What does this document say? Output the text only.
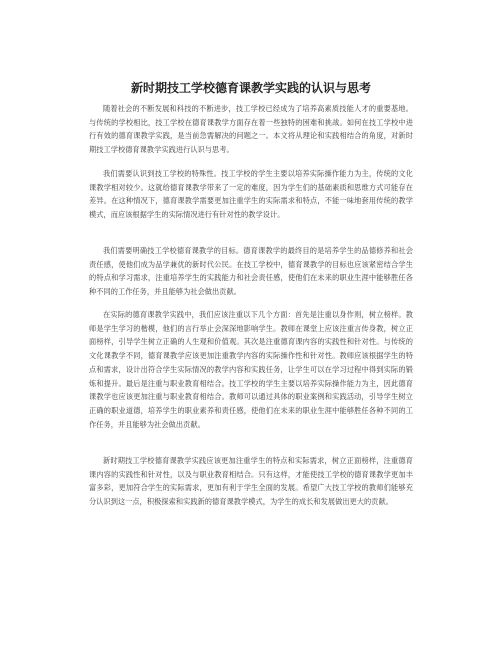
新时期技工学校德育课教学实践的认识与思考

随着社会的不断发展和科技的不断进步，技工学校已经成为了培养高素质技能人才的重要基地。与传统的学校相比，技工学校在德育课教学方面存在着一些独特的困难和挑战。如何在技工学校中进行有效的德育课教学实践，是当前急需解决的问题之一。本文将从理论和实践相结合的角度，对新时期技工学校德育课教学实践进行认识与思考。

我们需要认识到技工学校的特殊性。技工学校的学生主要以培养实际操作能力为主，传统的文化课教学相对较少。这就给德育课教学带来了一定的难度，因为学生们的基础素质和思维方式可能存在差异。在这种情况下，德育课教学需要更加注重学生的实际需求和特点，不能一味地套用传统的教学模式，而应该根据学生的实际情况进行有针对性的教学设计。

我们需要明确技工学校德育课教学的目标。德育课教学的最终目的是培养学生的品德修养和社会责任感，使他们成为品学兼优的新时代公民。在技工学校中，德育课教学的目标也应该紧密结合学生的特点和学习需求，注重培养学生的实践能力和社会责任感，使他们在未来的职业生涯中能够胜任各种不同的工作任务，并且能够为社会做出贡献。

在实际的德育课教学实践中，我们应该注重以下几个方面：首先是注重以身作则，树立榜样。教师是学生学习的楷模，他们的言行举止会深深地影响学生。教师在课堂上应该注重言传身教，树立正面榜样，引导学生树立正确的人生观和价值观。其次是注重德育课内容的实践性和针对性。与传统的文化课教学不同，德育课教学应该更加注重教学内容的实际操作性和针对性。教师应该根据学生的特点和需求，设计出符合学生实际情况的教学内容和实践任务，让学生可以在学习过程中得到实际的锻炼和提升。最后是注重与职业教育相结合。技工学校的学生主要以培养实际操作能力为主，因此德育课教学也应该更加注重与职业教育相结合。教师可以通过具体的职业案例和实践活动，引导学生树立正确的职业道德，培养学生的职业素养和责任感，使他们在未来的职业生涯中能够胜任各种不同的工作任务，并且能够为社会做出贡献。

新时期技工学校德育课教学实践应该更加注重学生的特点和实际需求，树立正面榜样，注重德育课内容的实践性和针对性，以及与职业教育相结合。只有这样，才能使技工学校的德育课教学更加丰富多彩，更加符合学生的实际需求，更加有利于学生全面的发展。希望广大技工学校的教师们能够充分认识到这一点，积极探索和实践新的德育课教学模式，为学生的成长和发展做出更大的贡献。
